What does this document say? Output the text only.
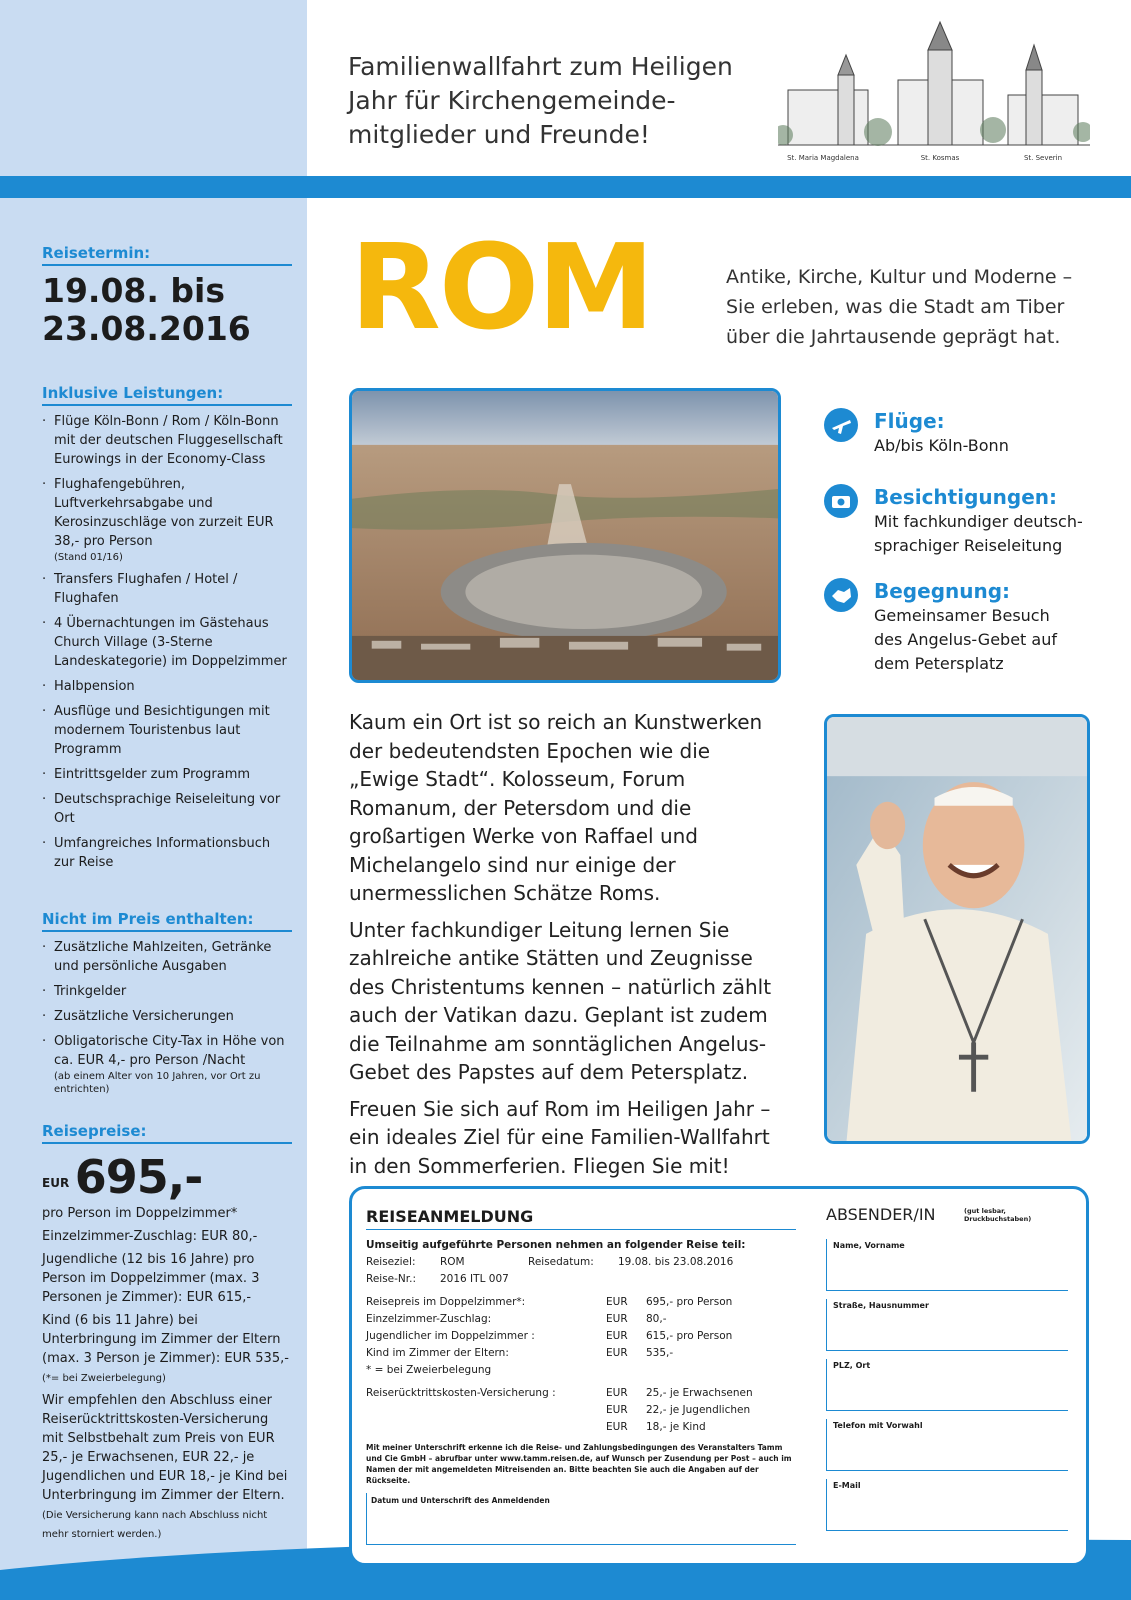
Familienwallfahrt zum Heiligen
Jahr für Kirchengemeinde-
mitglieder und Freunde!
St. Maria Magdalena	St. Kosmas	St. Severin
Reisetermin:
19.08. bis
23.08.2016
Inklusive Leistungen:
· Flüge Köln-Bonn / Rom / Köln-Bonn mit der deutschen Fluggesellschaft Eurowings in der Economy-Class
· Flughafengebühren, Luftverkehrsabgabe und Kerosinzuschläge von zurzeit EUR 38,- pro Person
(Stand 01/16)
· Transfers Flughafen / Hotel / Flughafen
· 4 Übernachtungen im Gästehaus Church Village (3-Sterne Landeskategorie) im Doppelzimmer
· Halbpension
· Ausflüge und Besichtigungen mit modernem Touristenbus laut Programm
· Eintrittsgelder zum Programm
· Deutschsprachige Reiseleitung vor Ort
· Umfangreiches Informationsbuch zur Reise
Nicht im Preis enthalten:
· Zusätzliche Mahlzeiten, Getränke und persönliche Ausgaben
· Trinkgelder
· Zusätzliche Versicherungen
· Obligatorische City-Tax in Höhe von ca. EUR 4,- pro Person /Nacht
(ab einem Alter von 10 Jahren, vor Ort zu entrichten)
Reisepreise:
$^{EUR}$ 695,-

pro Person im Doppelzimmer*

Einzelzimmer-Zuschlag: EUR 80,-

Jugendliche (12 bis 16 Jahre) pro Person im Doppelzimmer (max. 3 Personen je Zimmer): EUR 615,-

Kind (6 bis 11 Jahre) bei Unterbringung im Zimmer der Eltern (max. 3 Person je Zimmer): EUR 535,-
(*= bei Zweierbelegung)

Wir empfehlen den Abschluss einer Reiserücktrittskosten-Versicherung mit Selbstbehalt zum Preis von EUR 25,- je Erwachsenen, EUR 22,- je Jugendlichen und EUR 18,- je Kind bei Unterbringung im Zimmer der Eltern.
(Die Versicherung kann nach Abschluss nicht mehr storniert werden.)

ROM	Antike, Kirche, Kultur und Moderne –
Sie erleben, was die Stadt am Tiber
über die Jahrtausende geprägt hat.
Flüge:
Ab/bis Köln-Bonn
Besichtigungen:
Mit fachkundiger deutsch-
sprachiger Reiseleitung
Begegnung:
Gemeinsamer Besuch
des Angelus-Gebet auf
dem Petersplatz

Kaum ein Ort ist so reich an Kunstwerken der bedeutendsten Epochen wie die „Ewige Stadt“. Kolosseum, Forum Romanum, der Petersdom und die großartigen Werke von Raffael und Michelangelo sind nur einige der unermesslichen Schätze Roms.

Unter fachkundiger Leitung lernen Sie zahlreiche antike Stätten und Zeugnisse des Christentums kennen – natürlich zählt auch der Vatikan dazu. Geplant ist zudem die Teilnahme am sonntäglichen Angelus-Gebet des Papstes auf dem Petersplatz.

Freuen Sie sich auf Rom im Heiligen Jahr – ein ideales Ziel für eine Familien-Wallfahrt in den Sommerferien. Fliegen Sie mit!

REISEANMELDUNG
Umseitig aufgeführte Personen nehmen an folgender Reise teil:
Reiseziel:	ROM	Reisedatum:	19.08. bis 23.08.2016
Reise-Nr.:	2016 ITL 007
Reisepreis im Doppelzimmer*:	EUR	695,- pro Person
Einzelzimmer-Zuschlag:	EUR	80,-
Jugendlicher im Doppelzimmer :	EUR	615,- pro Person
Kind im Zimmer der Eltern:	EUR	535,-
* = bei Zweierbelegung
Reiserücktrittskosten-Versicherung :	EUR	25,- je Erwachsenen
EUR	22,- je Jugendlichen
EUR	18,- je Kind
Mit meiner Unterschrift erkenne ich die Reise- und Zahlungsbedingungen des Veranstalters Tamm und Cie GmbH – abrufbar unter www.tamm.reisen.de, auf Wunsch per Zusendung per Post – auch im Namen der mit angemeldeten Mitreisenden an. Bitte beachten Sie auch die Angaben auf der Rückseite.
Datum und Unterschrift des Anmeldenden
ABSENDER/IN	(gut lesbar, Druckbuchstaben)
Name, Vorname
Straße, Hausnummer
PLZ, Ort
Telefon mit Vorwahl
E-Mail
